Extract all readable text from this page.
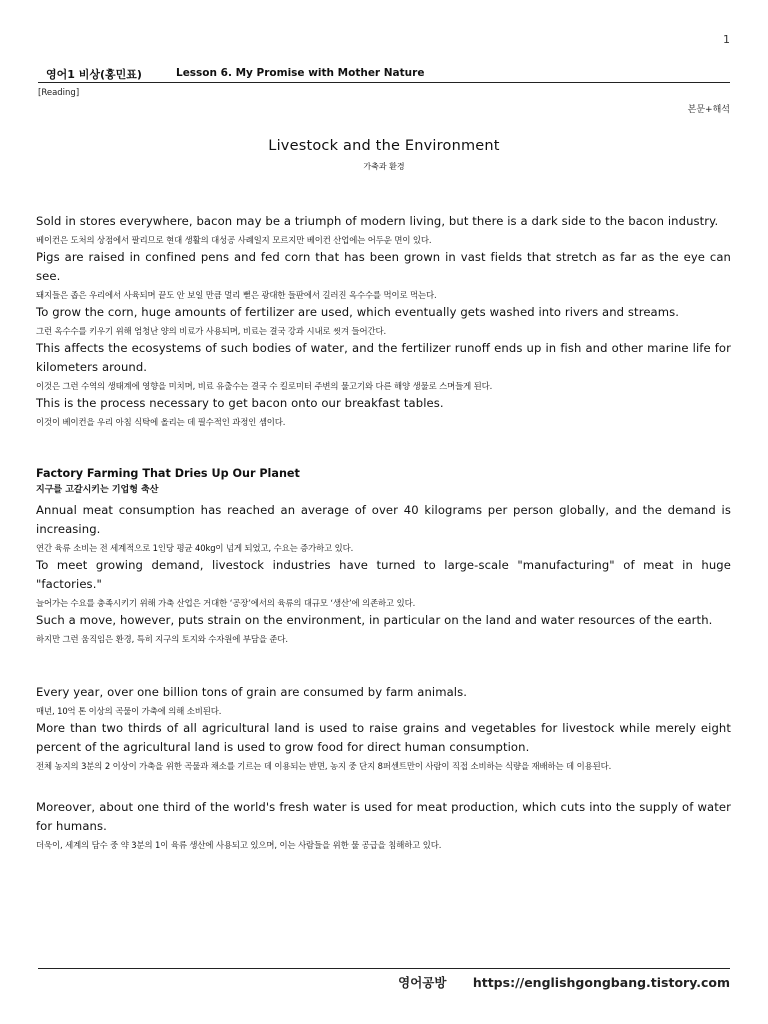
1
영어1 비상(홍민표)	Lesson 6. My Promise with Mother Nature
[Reading]
본문+해석
Livestock and the Environment
가축과 환경

Sold in stores everywhere, bacon may be a triumph of modern living, but there is a dark side to the bacon industry.

베이컨은 도처의 상점에서 팔리므로 현대 생활의 대성공 사례일지 모르지만 베이컨 산업에는 어두운 면이 있다.

Pigs are raised in confined pens and fed corn that has been grown in vast fields that stretch as far as the eye can see.

돼지들은 좁은 우리에서 사육되며 끝도 안 보일 만큼 멀리 뻗은 광대한 들판에서 길러진 옥수수를 먹이로 먹는다.

To grow the corn, huge amounts of fertilizer are used, which eventually gets washed into rivers and streams.

그런 옥수수를 키우기 위해 엄청난 양의 비료가 사용되며, 비료는 결국 강과 시내로 씻겨 들어간다.

This affects the ecosystems of such bodies of water, and the fertilizer runoff ends up in fish and other marine life for kilometers around.

이것은 그런 수역의 생태계에 영향을 미치며, 비료 유출수는 결국 수 킬로미터 주변의 물고기와 다른 해양 생물로 스며들게 된다.

This is the process necessary to get bacon onto our breakfast tables.

이것이 베이컨을 우리 아침 식탁에 올리는 데 필수적인 과정인 셈이다.

Factory Farming That Dries Up Our Planet

지구를 고갈시키는 기업형 축산

Annual meat consumption has reached an average of over 40 kilograms per person globally, and the demand is increasing.

연간 육류 소비는 전 세계적으로 1인당 평균 40kg이 넘게 되었고, 수요는 증가하고 있다.

To meet growing demand, livestock industries have turned to large-scale "manufacturing" of meat in huge "factories."

늘어가는 수요를 충족시키기 위해 가축 산업은 거대한 ‘공장’에서의 육류의 대규모 ‘생산’에 의존하고 있다.

Such a move, however, puts strain on the environment, in particular on the land and water resources of the earth.

하지만 그런 움직임은 환경, 특히 지구의 토지와 수자원에 부담을 준다.

Every year, over one billion tons of grain are consumed by farm animals.

매년, 10억 톤 이상의 곡물이 가축에 의해 소비된다.

More than two thirds of all agricultural land is used to raise grains and vegetables for livestock while merely eight percent of the agricultural land is used to grow food for direct human consumption.

전체 농지의 3분의 2 이상이 가축을 위한 곡물과 채소를 기르는 데 이용되는 반면, 농지 중 단지 8퍼센트만이 사람이 직접 소비하는 식량을 재배하는 데 이용된다.

Moreover, about one third of the world's fresh water is used for meat production, which cuts into the supply of water for humans.

더욱이, 세계의 담수 중 약 3분의 1이 육류 생산에 사용되고 있으며, 이는 사람들을 위한 물 공급을 침해하고 있다.

영어공방 https://englishgongbang.tistory.com
